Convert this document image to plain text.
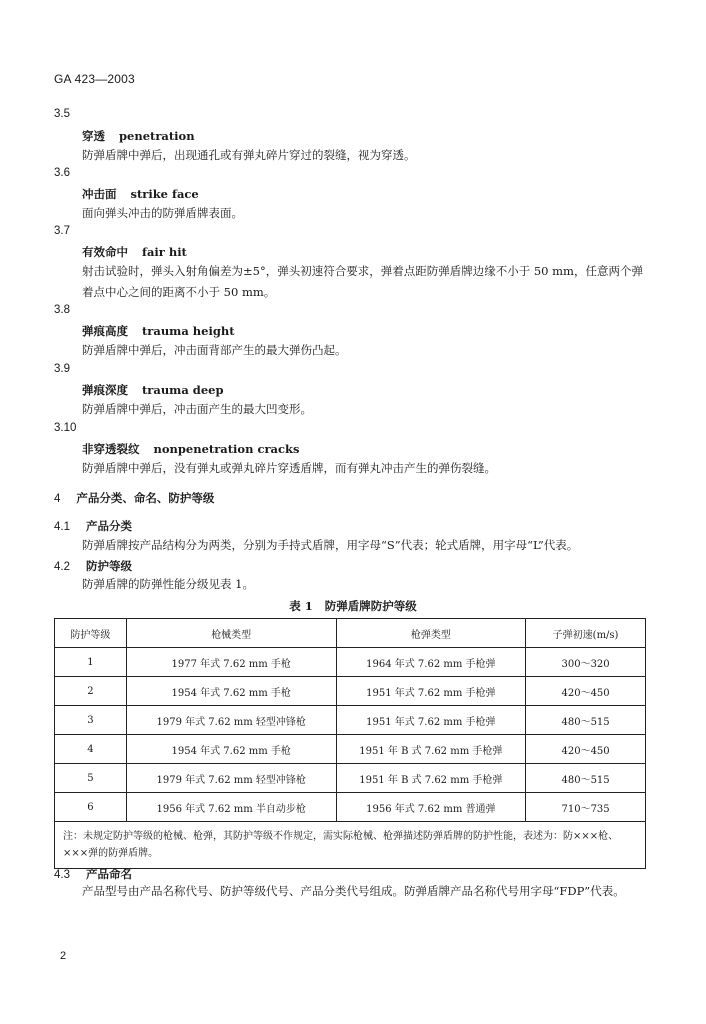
GA 423—2003
3.5
穿透 penetration
防弹盾牌中弹后，出现通孔或有弹丸碎片穿过的裂缝，视为穿透。
3.6
冲击面 strike face
面向弹头冲击的防弹盾牌表面。
3.7
有效命中 fair hit
射击试验时，弹头入射角偏差为±5°，弹头初速符合要求，弹着点距防弹盾牌边缘不小于 50 mm，任意两个弹着点中心之间的距离不小于 50 mm。
3.8
弹痕高度 trauma height
防弹盾牌中弹后，冲击面背部产生的最大弹伤凸起。
3.9
弹痕深度 trauma deep
防弹盾牌中弹后，冲击面产生的最大凹变形。
3.10
非穿透裂纹 nonpenetration cracks
防弹盾牌中弹后，没有弹丸或弹丸碎片穿透盾牌，而有弹丸冲击产生的弹伤裂缝。
4 产品分类、命名、防护等级
4.1 产品分类
防弹盾牌按产品结构分为两类，分别为手持式盾牌，用字母“S”代表；轮式盾牌，用字母“L”代表。
4.2 防护等级
防弹盾牌的防弹性能分级见表 1。
表 1 防弹盾牌防护等级
防护等级	枪械类型	枪弹类型	子弹初速(m/s)
1	1977 年式 7.62 mm 手枪	1964 年式 7.62 mm 手枪弹	300～320
2	1954 年式 7.62 mm 手枪	1951 年式 7.62 mm 手枪弹	420～450
3	1979 年式 7.62 mm 轻型冲锋枪	1951 年式 7.62 mm 手枪弹	480～515
4	1954 年式 7.62 mm 手枪	1951 年 B 式 7.62 mm 手枪弹	420～450
5	1979 年式 7.62 mm 轻型冲锋枪	1951 年 B 式 7.62 mm 手枪弹	480～515
6	1956 年式 7.62 mm 半自动步枪	1956 年式 7.62 mm 普通弹	710～735
注：未规定防护等级的枪械、枪弹，其防护等级不作规定，需实际枪械、枪弹描述防弹盾牌的防护性能，表述为：防×××枪、×××弹的防弹盾牌。			
4.3 产品命名
产品型号由产品名称代号、防护等级代号、产品分类代号组成。防弹盾牌产品名称代号用字母“FDP”代表。
2
